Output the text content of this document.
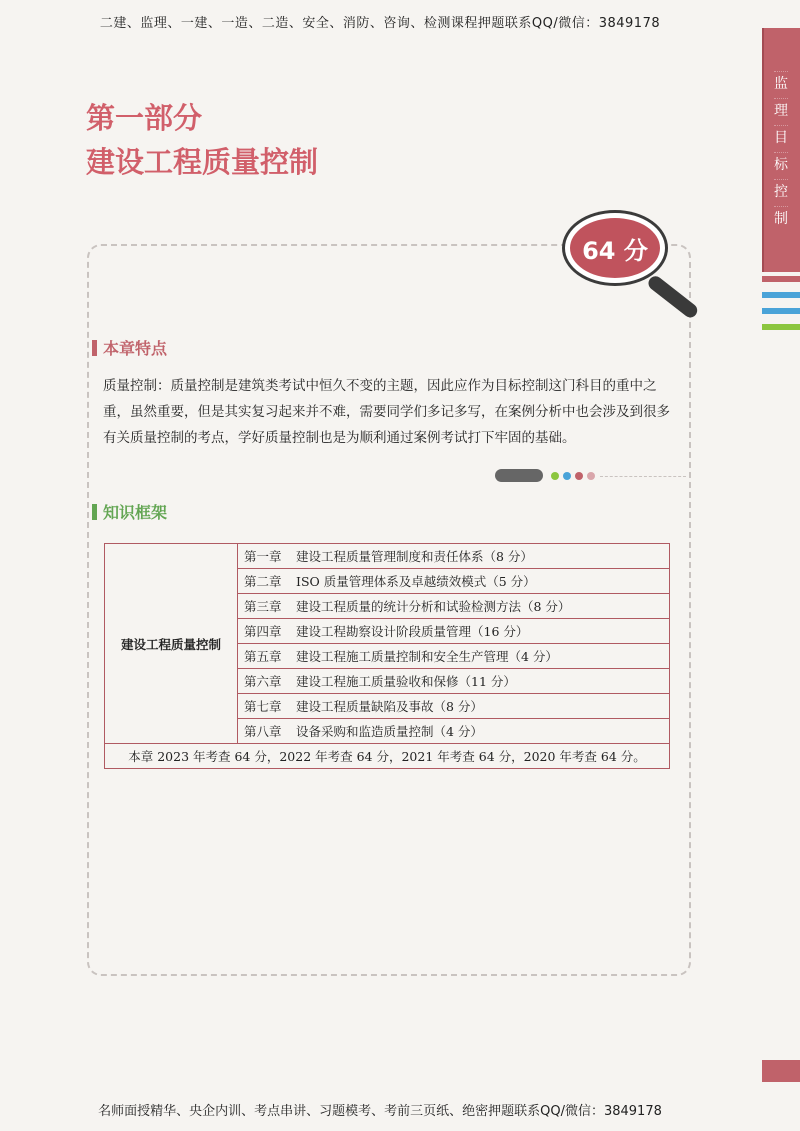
二建、监理、一建、一造、二造、安全、消防、咨询、检测课程押题联系QQ/微信：3849178
监
理
目
标
控
制
第一部分
建设工程质量控制
64 分
本章特点

质量控制：质量控制是建筑类考试中恒久不变的主题，因此应作为目标控制这门科目的重中之重，虽然重要，但是其实复习起来并不难，需要同学们多记多写，在案例分析中也会涉及到很多有关质量控制的考点，学好质量控制也是为顺利通过案例考试打下牢固的基础。

知识框架
建设工程质量控制	第一章 建设工程质量管理制度和责任体系（8 分）
第二章 ISO 质量管理体系及卓越绩效模式（5 分）
第三章 建设工程质量的统计分析和试验检测方法（8 分）
第四章 建设工程勘察设计阶段质量管理（16 分）
第五章 建设工程施工质量控制和安全生产管理（4 分）
第六章 建设工程施工质量验收和保修（11 分）
第七章 建设工程质量缺陷及事故（8 分）
第八章 设备采购和监造质量控制（4 分）
本章 2023 年考查 64 分，2022 年考查 64 分，2021 年考查 64 分，2020 年考查 64 分。
名师面授精华、央企内训、考点串讲、习题模考、考前三页纸、绝密押题联系QQ/微信：3849178
